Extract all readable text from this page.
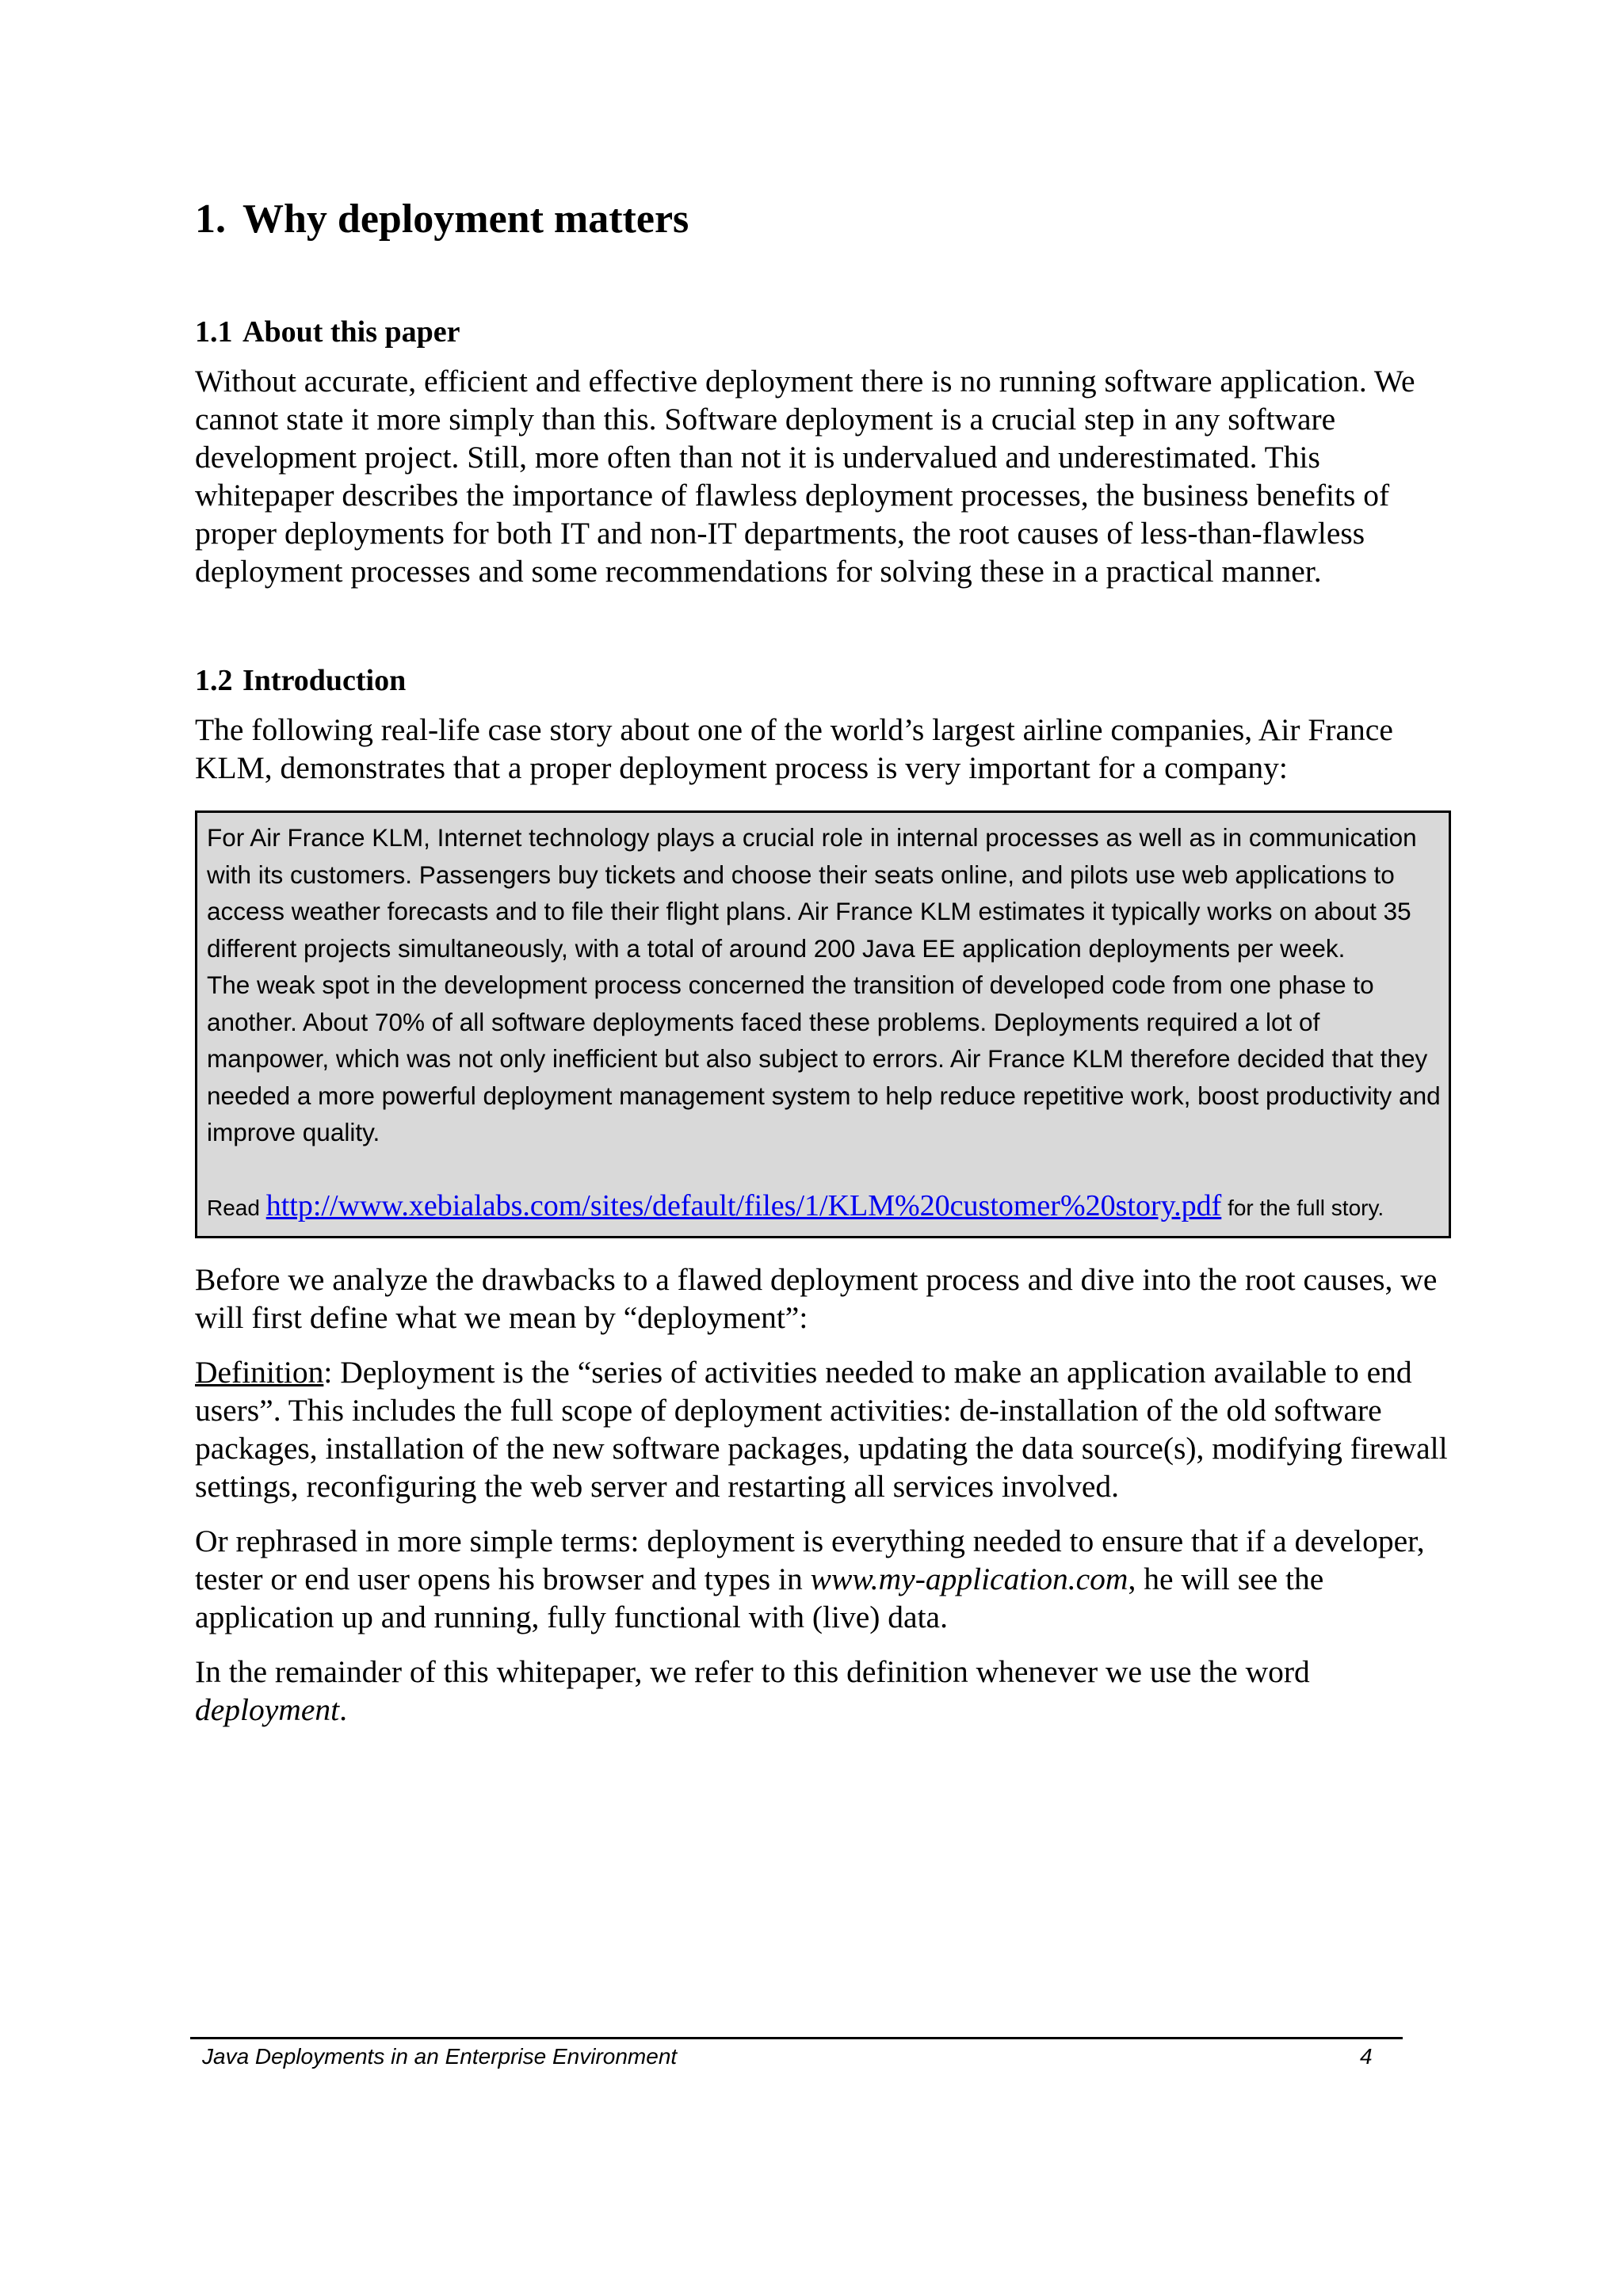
1. Why deployment matters
1.1 About this paper

Without accurate, efficient and effective deployment there is no running software application. We cannot state it more simply than this. Software deployment is a crucial step in any software development project. Still, more often than not it is undervalued and underestimated. This whitepaper describes the importance of flawless deployment processes, the business benefits of proper deployments for both IT and non-IT departments, the root causes of less-than-flawless deployment processes and some recommendations for solving these in a practical manner.

1.2 Introduction

The following real-life case story about one of the world’s largest airline companies, Air France KLM, demonstrates that a proper deployment process is very important for a company:

For Air France KLM, Internet technology plays a crucial role in internal processes as well as in communication with its customers. Passengers buy tickets and choose their seats online, and pilots use web applications to access weather forecasts and to file their flight plans. Air France KLM estimates it typically works on about 35 different projects simultaneously, with a total of around 200 Java EE application deployments per week.

The weak spot in the development process concerned the transition of developed code from one phase to another. About 70% of all software deployments faced these problems. Deployments required a lot of manpower, which was not only inefficient but also subject to errors. Air France KLM therefore decided that they needed a more powerful deployment management system to help reduce repetitive work, boost productivity and improve quality.

Read http://www.xebialabs.com/sites/default/files/1/KLM%20customer%20story.pdf for the full story.

Before we analyze the drawbacks to a flawed deployment process and dive into the root causes, we will first define what we mean by “deployment”:

Definition: Deployment is the “series of activities needed to make an application available to end users”. This includes the full scope of deployment activities: de-installation of the old software packages, installation of the new software packages, updating the data source(s), modifying firewall settings, reconfiguring the web server and restarting all services involved.

Or rephrased in more simple terms: deployment is everything needed to ensure that if a developer, tester or end user opens his browser and types in www.my-application.com, he will see the application up and running, fully functional with (live) data.

In the remainder of this whitepaper, we refer to this definition whenever we use the word deployment.

Java Deployments in an Enterprise Environment	4
